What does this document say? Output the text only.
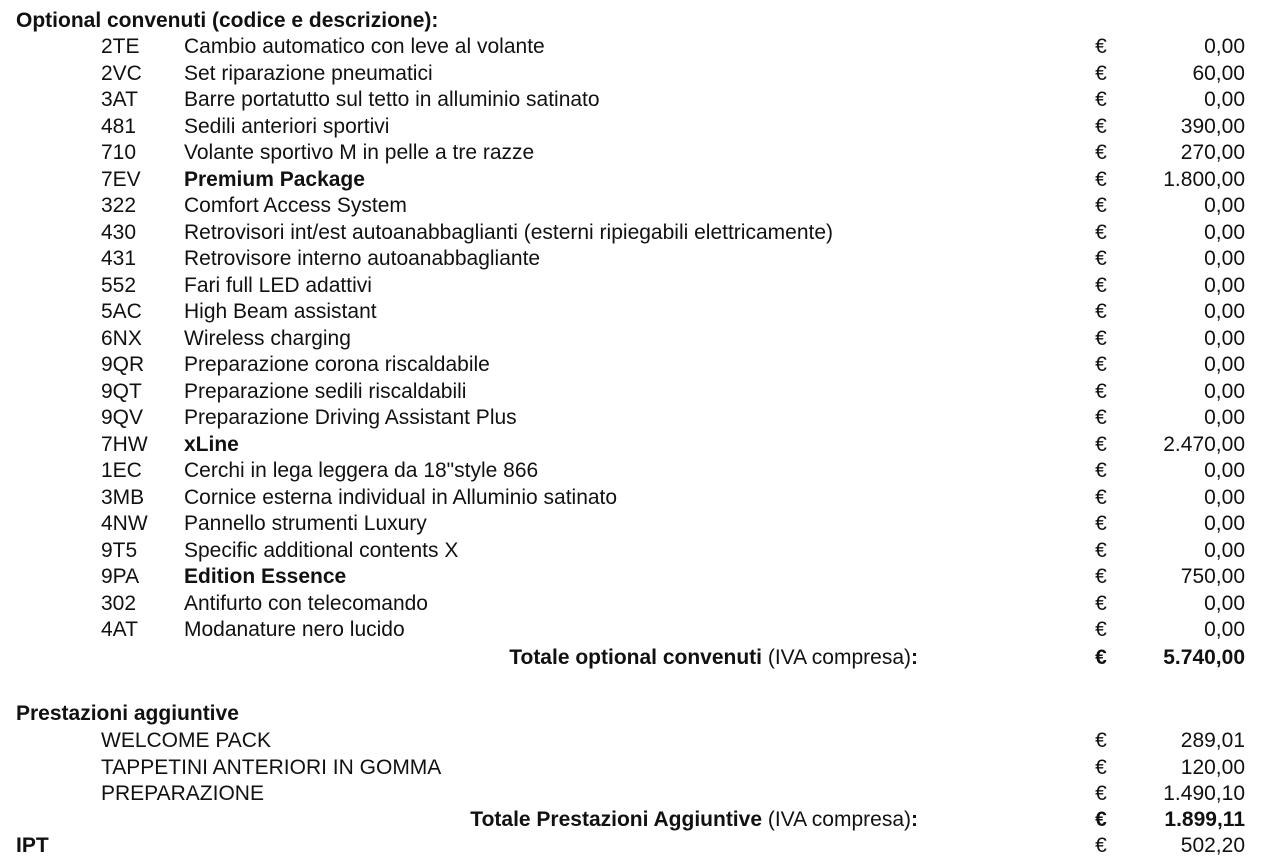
Optional convenuti (codice e descrizione):
2TE Cambio automatico con leve al volante	€	0,00
2VC Set riparazione pneumatici	€	60,00
3AT Barre portatutto sul tetto in alluminio satinato	€	0,00
481 Sedili anteriori sportivi	€	390,00
710 Volante sportivo M in pelle a tre razze	€	270,00
7EV Premium Package	€	1.800,00
322 Comfort Access System	€	0,00
430 Retrovisori int/est autoanabbaglianti (esterni ripiegabili elettricamente)	€	0,00
431 Retrovisore interno autoanabbagliante	€	0,00
552 Fari full LED adattivi	€	0,00
5AC High Beam assistant	€	0,00
6NX Wireless charging	€	0,00
9QR Preparazione corona riscaldabile	€	0,00
9QT Preparazione sedili riscaldabili	€	0,00
9QV Preparazione Driving Assistant Plus	€	0,00
7HW xLine	€	2.470,00
1EC Cerchi in lega leggera da 18"style 866	€	0,00
3MB Cornice esterna individual in Alluminio satinato	€	0,00
4NW Pannello strumenti Luxury	€	0,00
9T5 Specific additional contents X	€	0,00
9PA Edition Essence	€	750,00
302 Antifurto con telecomando	€	0,00
4AT Modanature nero lucido	€	0,00
Totale optional convenuti (IVA compresa):	€	5.740,00
Prestazioni aggiuntive
WELCOME PACK	€	289,01
TAPPETINI ANTERIORI IN GOMMA	€	120,00
PREPARAZIONE	€	1.490,10
Totale Prestazioni Aggiuntive (IVA compresa):	€	1.899,11
IPT	€	502,20
